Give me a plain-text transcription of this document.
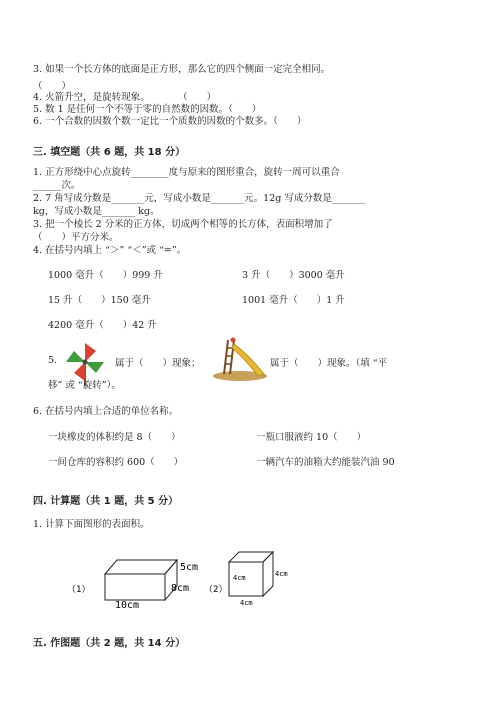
3. 如果一个长方体的底面是正方形，那么它的四个侧面一定完全相同。
（　　）
4. 火箭升空，是旋转现象。　　　　（　　）
5. 数 1 是任何一个不等于零的自然数的因数。（　　）
6. 一个合数的因数个数一定比一个质数的因数的个数多。（　　）
三. 填空题（共 6 题，共 18 分）
1. 正方形绕中心点旋转________度与原来的图形重合，旋转一周可以重合
______次。
2. 7 角写成分数是_______元，写成小数是_______元。12g 写成分数是_______
kg，写成小数是_______ kg。
3. 把一个棱长 2 分米的正方体，切成两个相等的长方体，表面积增加了
（　　）平方分米。
4. 在括号内填上 “＞” “＜”或 “=”。
1000 毫升（　　）999 升	3 升（　　）3000 毫升
15 升（　　）150 毫升	1001 毫升（　　）1 升
4200 毫升（　　）42 升
5.	属于（　　）现象；	属于（　　）现象。（填 “平
移” 或 “旋转”）。
6. 在括号内填上合适的单位名称。
一块橡皮的体积约是 8（　　）	一瓶口服液约 10（　　）
一间仓库的容积约 600（　　）	一辆汽车的油箱大约能装汽油 90
四. 计算题（共 1 题，共 5 分）
1. 计算下面图形的表面积。
（1）
5cm
8cm
10cm
（2）
4cm	4cm
4cm
五. 作图题（共 2 题，共 14 分）
